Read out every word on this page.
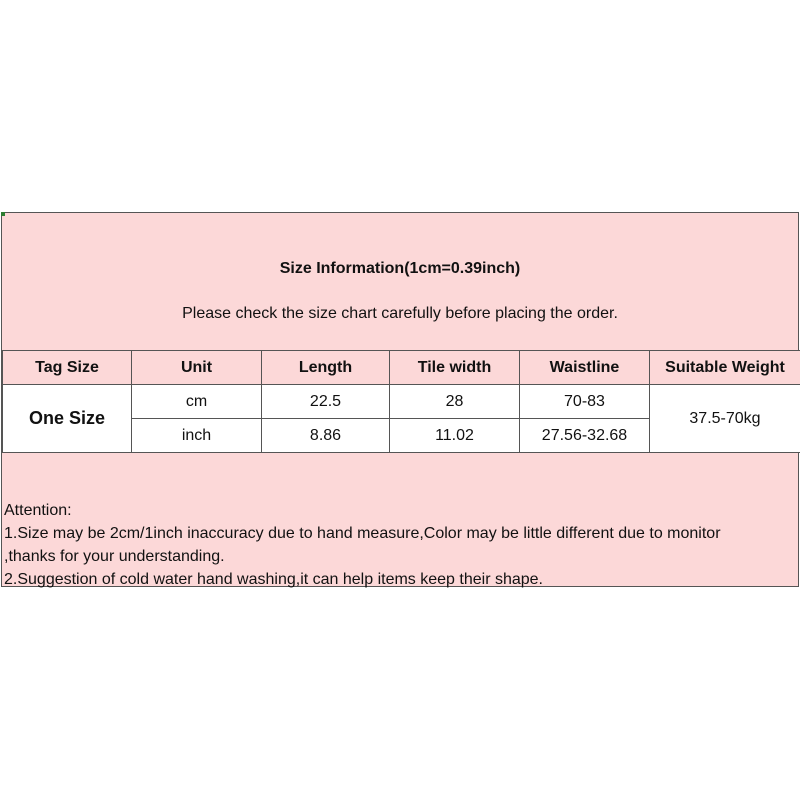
Size Information(1cm=0.39inch)
Please check the size chart carefully before placing the order.
Tag Size	Unit	Length	Tile width	Waistline	Suitable Weight
One Size	cm	22.5	28	70-83	37.5-70kg
	inch	8.86	11.02	27.56-32.68	
Attention:
1.Size may be 2cm/1inch inaccuracy due to hand measure,Color may be little different due to monitor
,thanks for your understanding.
2.Suggestion of cold water hand washing,it can help items keep their shape.
